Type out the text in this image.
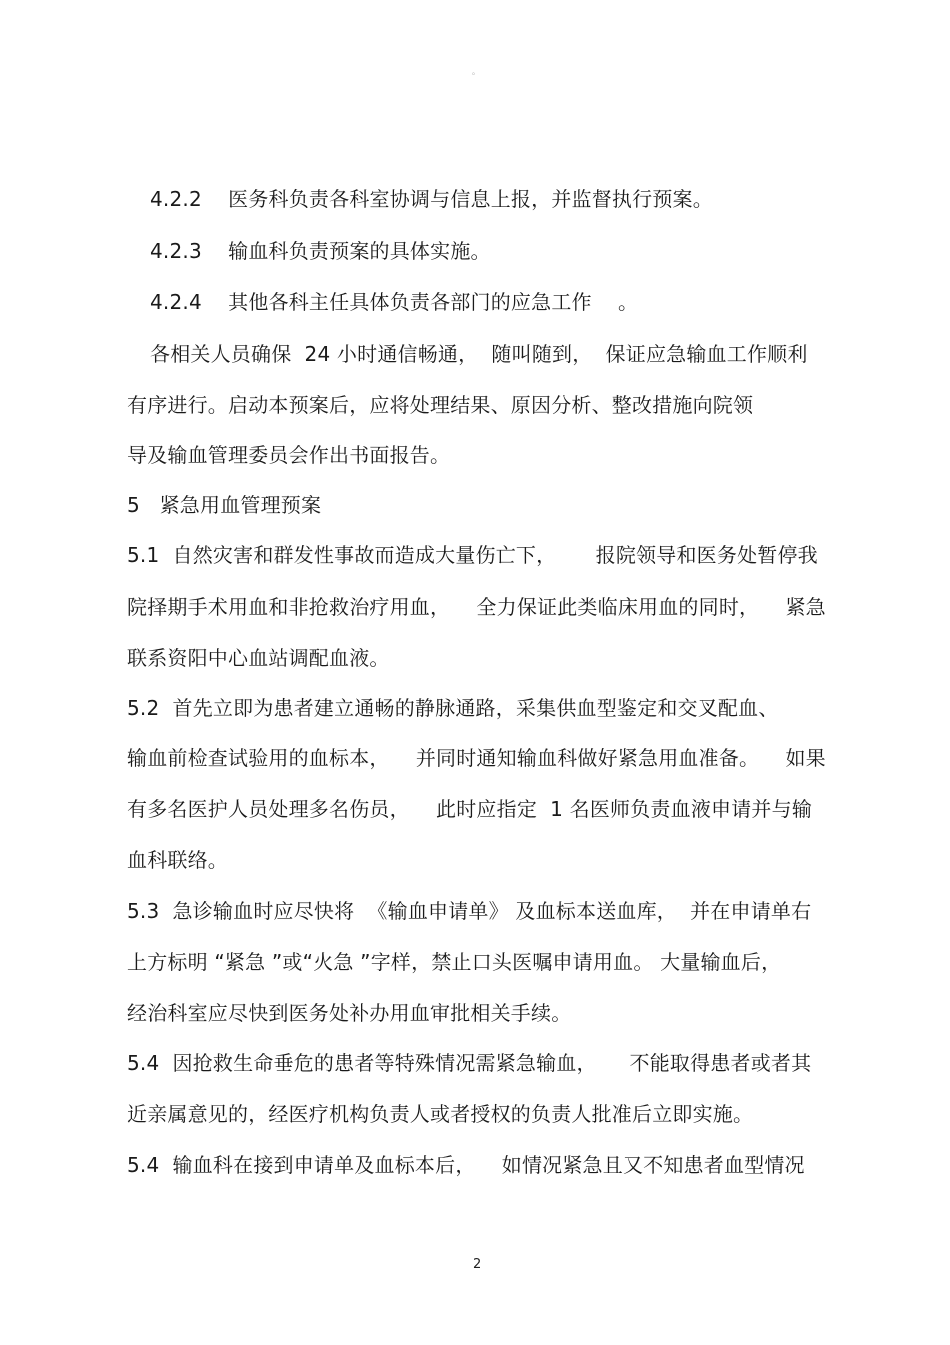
。
4.2.2    医务科负责各科室协调与信息上报，并监督执行预案。
4.2.3    输血科负责预案的具体实施。
4.2.4    其他各科主任具体负责各部门的应急工作    。
各相关人员确保  24 小时通信畅通，  随叫随到，  保证应急输血工作顺利
有序进行。启动本预案后，应将处理结果、原因分析、整改措施向院领
导及输血管理委员会作出书面报告。
5   紧急用血管理预案
5.1  自然灾害和群发性事故而造成大量伤亡下，      报院领导和医务处暂停我
院择期手术用血和非抢救治疗用血，    全力保证此类临床用血的同时，    紧急
联系资阳中心血站调配血液。
5.2  首先立即为患者建立通畅的静脉通路，采集供血型鉴定和交叉配血、
输血前检查试验用的血标本，    并同时通知输血科做好紧急用血准备。    如果
有多名医护人员处理多名伤员，    此时应指定  1 名医师负责血液申请并与输
血科联络。
5.3  急诊输血时应尽快将  《输血申请单》 及血标本送血库，  并在申请单右
上方标明 “紧急 ”或“火急 ”字样，禁止口头医嘱申请用血。 大量输血后，
经治科室应尽快到医务处补办用血审批相关手续。
5.4  因抢救生命垂危的患者等特殊情况需紧急输血，     不能取得患者或者其
近亲属意见的，经医疗机构负责人或者授权的负责人批准后立即实施。
5.4  输血科在接到申请单及血标本后，    如情况紧急且又不知患者血型情况
2
